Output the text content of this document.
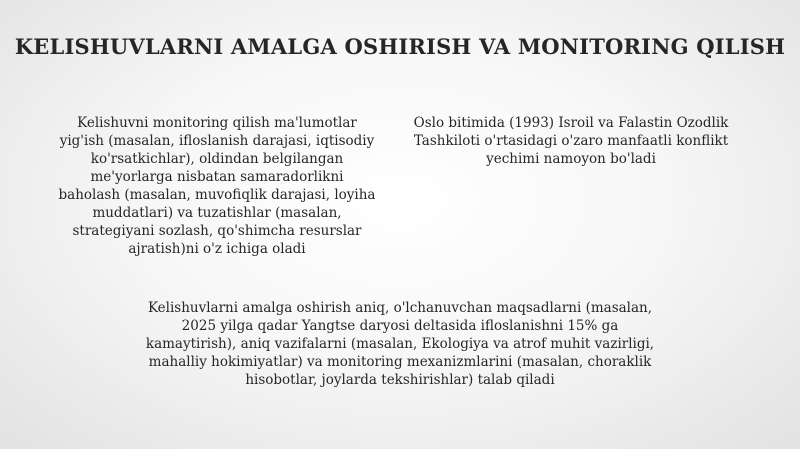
KELISHUVLARNI AMALGA OSHIRISH VA MONITORING QILISH
Kelishuvni monitoring qilish ma'lumotlar yig'ish (masalan, ifloslanish darajasi, iqtisodiy ko'rsatkichlar), oldindan belgilangan me'yorlarga nisbatan samaradorlikni baholash (masalan, muvofiqlik darajasi, loyiha muddatlari) va tuzatishlar (masalan, strategiyani sozlash, qo'shimcha resurslar ajratish)ni o'z ichiga oladi
Oslo bitimida (1993) Isroil va Falastin Ozodlik Tashkiloti o'rtasidagi o'zaro manfaatli konflikt yechimi namoyon bo'ladi
Kelishuvlarni amalga oshirish aniq, o'lchanuvchan maqsadlarni (masalan, 2025 yilga qadar Yangtse daryosi deltasida ifloslanishni 15% ga kamaytirish), aniq vazifalarni (masalan, Ekologiya va atrof muhit vazirligi, mahalliy hokimiyatlar) va monitoring mexanizmlarini (masalan, choraklik hisobotlar, joylarda tekshirishlar) talab qiladi
